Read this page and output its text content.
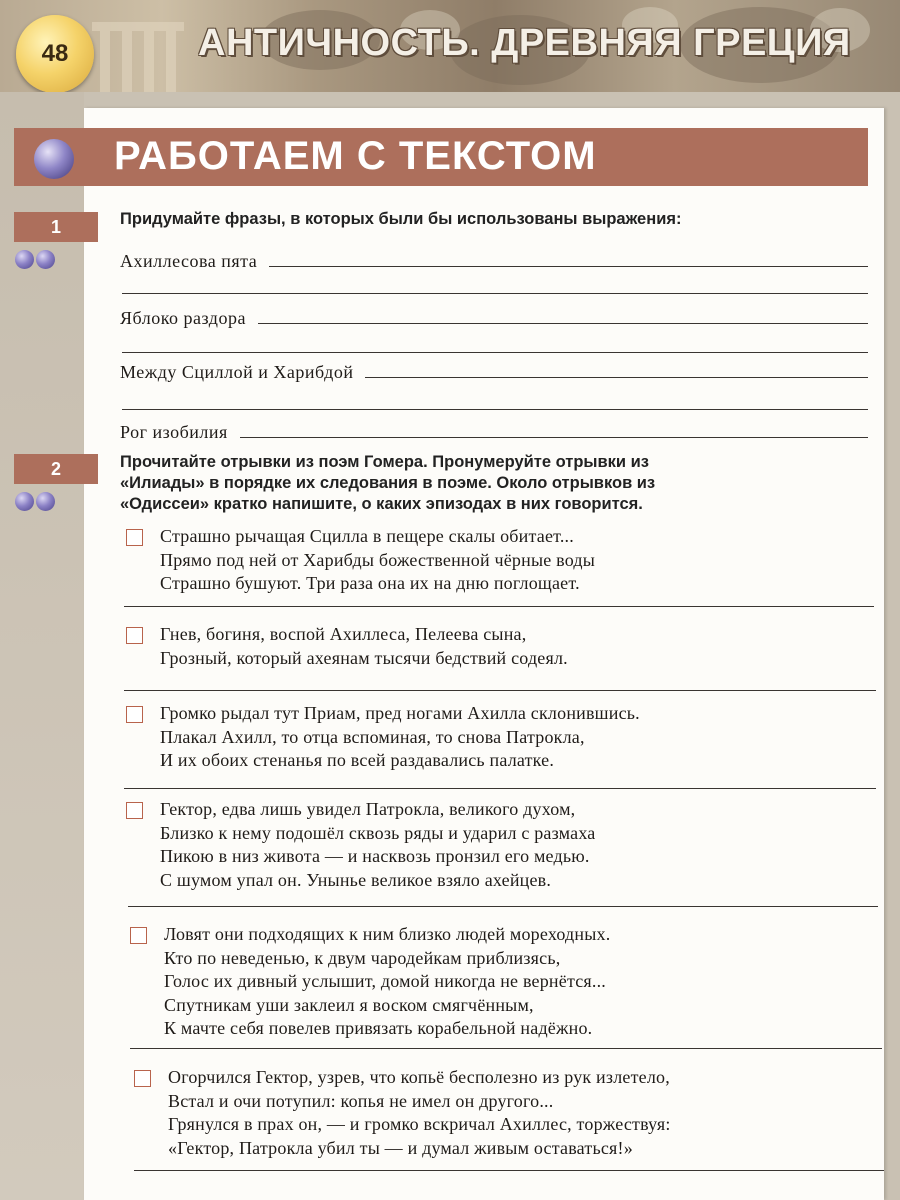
48	АНТИЧНОСТЬ. ДРЕВНЯЯ ГРЕЦИЯ
РАБОТАЕМ С ТЕКСТОМ
1	Придумайте фразы, в которых были бы использованы выражения:
Ахиллесова пята
Яблоко раздора
Между Сциллой и Харибдой
Рог изобилия
2	Прочитайте отрывки из поэм Гомера. Пронумеруйте отрывки из
«Илиады» в порядке их следования в поэме. Около отрывков из
«Одиссеи» кратко напишите, о каких эпизодах в них говорится.
Страшно рычащая Сцилла в пещере скалы обитает...
Прямо под ней от Харибды божественной чёрные воды
Страшно бушуют. Три раза она их на дню поглощает.
Гнев, богиня, воспой Ахиллеса, Пелеева сына,
Грозный, который ахеянам тысячи бедствий содеял.
Громко рыдал тут Приам, пред ногами Ахилла склонившись.
Плакал Ахилл, то отца вспоминая, то снова Патрокла,
И их обоих стенанья по всей раздавались палатке.
Гектор, едва лишь увидел Патрокла, великого духом,
Близко к нему подошёл сквозь ряды и ударил с размаха
Пикою в низ живота — и насквозь пронзил его медью.
С шумом упал он. Унынье великое взяло ахейцев.
Ловят они подходящих к ним близко людей мореходных.
Кто по неведенью, к двум чародейкам приблизясь,
Голос их дивный услышит, домой никогда не вернётся...
Спутникам уши заклеил я воском смягчённым,
К мачте себя повелев привязать корабельной надёжно.
Огорчился Гектор, узрев, что копьё бесполезно из рук излетело,
Встал и очи потупил: копья не имел он другого...
Грянулся в прах он, — и громко вскричал Ахиллес, торжествуя:
«Гектор, Патрокла убил ты — и думал живым оставаться!»
